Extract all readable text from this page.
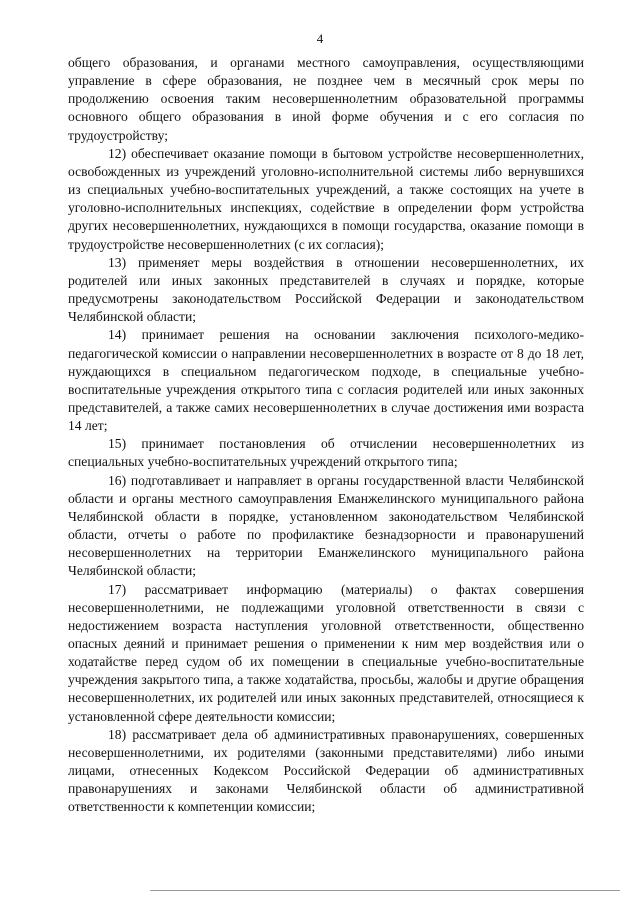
4

общего образования, и органами местного самоуправления, осуществляющими управление в сфере образования, не позднее чем в месячный срок меры по продолжению освоения таким несовершеннолетним образовательной программы основного общего образования в иной форме обучения и с его согласия по трудоустройству;

12) обеспечивает оказание помощи в бытовом устройстве несовершеннолетних, освобожденных из учреждений уголовно-исполнительной системы либо вернувшихся из специальных учебно-воспитательных учреждений, а также состоящих на учете в уголовно-исполнительных инспекциях, содействие в определении форм устройства других несовершеннолетних, нуждающихся в помощи государства, оказание помощи в трудоустройстве несовершеннолетних (с их согласия);

13) применяет меры воздействия в отношении несовершеннолетних, их родителей или иных законных представителей в случаях и порядке, которые предусмотрены законодательством Российской Федерации и законодательством Челябинской области;

14) принимает решения на основании заключения психолого-медико-педагогической комиссии о направлении несовершеннолетних в возрасте от 8 до 18 лет, нуждающихся в специальном педагогическом подходе, в специальные учебно-воспитательные учреждения открытого типа с согласия родителей или иных законных представителей, а также самих несовершеннолетних в случае достижения ими возраста 14 лет;

15) принимает постановления об отчислении несовершеннолетних из специальных учебно-воспитательных учреждений открытого типа;

16) подготавливает и направляет в органы государственной власти Челябинской области и органы местного самоуправления Еманжелинского муниципального района Челябинской области в порядке, установленном законодательством Челябинской области, отчеты о работе по профилактике безнадзорности и правонарушений несовершеннолетних на территории Еманжелинского муниципального района Челябинской области;

17) рассматривает информацию (материалы) о фактах совершения несовершеннолетними, не подлежащими уголовной ответственности в связи с недостижением возраста наступления уголовной ответственности, общественно опасных деяний и принимает решения о применении к ним мер воздействия или о ходатайстве перед судом об их помещении в специальные учебно-воспитательные учреждения закрытого типа, а также ходатайства, просьбы, жалобы и другие обращения несовершеннолетних, их родителей или иных законных представителей, относящиеся к установленной сфере деятельности комиссии;

18) рассматривает дела об административных правонарушениях, совершенных несовершеннолетними, их родителями (законными представителями) либо иными лицами, отнесенных Кодексом Российской Федерации об административных правонарушениях и законами Челябинской области об административной ответственности к компетенции комиссии;
